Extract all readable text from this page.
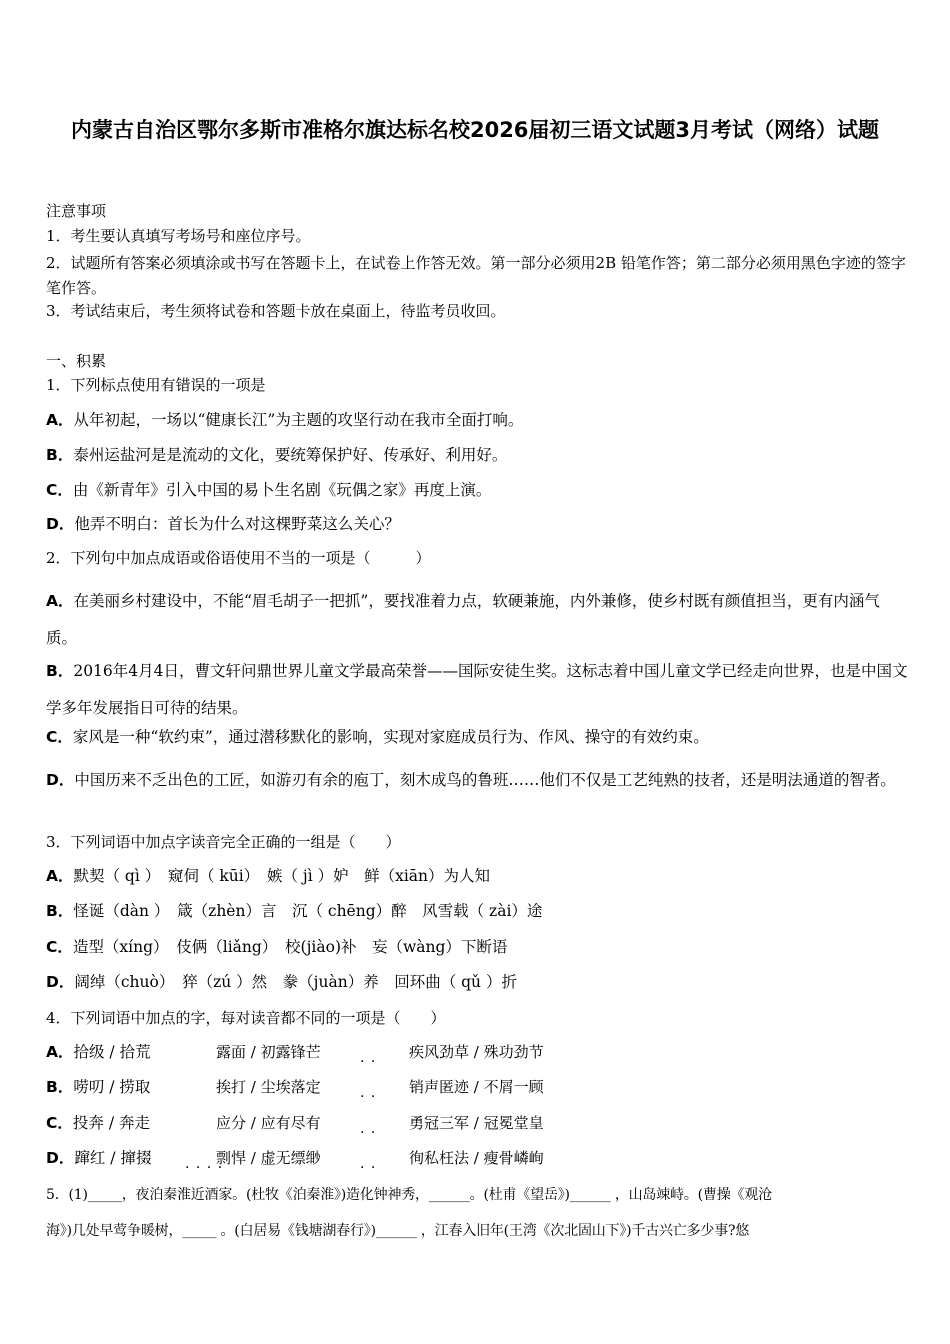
内蒙古自治区鄂尔多斯市准格尔旗达标名校2026届初三语文试题3月考试（网络）试题
注意事项
1．考生要认真填写考场号和座位序号。
2．试题所有答案必须填涂或书写在答题卡上，在试卷上作答无效。第一部分必须用2B 铅笔作答；第二部分必须用黑色字迹的签字笔作答。
3．考试结束后，考生须将试卷和答题卡放在桌面上，待监考员收回。
一、积累
1．下列标点使用有错误的一项是
A．从年初起，一场以“健康长江”为主题的攻坚行动在我市全面打响。
B．泰州运盐河是是流动的文化，要统筹保护好、传承好、利用好。
C．由《新青年》引入中国的易卜生名剧《玩偶之家》再度上演。
D．他弄不明白：首长为什么对这棵野菜这么关心？
2．下列句中加点成语或俗语使用不当的一项是（　　　）
A．在美丽乡村建设中，不能“眉毛胡子一把抓”，要找准着力点，软硬兼施，内外兼修，使乡村既有颜值担当，更有内涵气质。
B．2016年4月4日，曹文轩问鼎世界儿童文学最高荣誉——国际安徒生奖。这标志着中国儿童文学已经走向世界，也是中国文学多年发展指日可待的结果。
C．家风是一种“软约束”，通过潜移默化的影响，实现对家庭成员行为、作风、操守的有效约束。
D．中国历来不乏出色的工匠，如游刃有余的庖丁，刻木成鸟的鲁班……他们不仅是工艺纯熟的技者，还是明法通道的智者。
3．下列词语中加点字读音完全正确的一组是（　　）
A．默契（ qì ）　窥伺（ kūi）　嫉（ jì ）妒　鲜（xiān）为人知
B．怪诞（dàn ）　箴（zhèn）言　沉（ chēng）醉　风雪载（ zài）途
C．造型（xíng）　伎俩（liǎng）　校(jiào)补　妄（wàng）下断语
D．阔绰（chuò）　猝（zú ）然　豢（juàn）养　回环曲（ qǔ ）折
4．下列词语中加点的字，每对读音都不同的一项是（　　）
A．拾级 / 拾荒	露面 / 初露锋芒	疾风劲草 / 殊功劲节
. .
B．唠叨 / 捞取	挨打 / 尘埃落定	销声匿迹 / 不屑一顾
. .
C．投奔 / 奔走	应分 / 应有尽有	勇冠三军 / 冠冕堂皇
. .
D．蹿红 / 撺掇	剽悍 / 虚无缥缈	徇私枉法 / 瘦骨嶙峋
. . . .	. .
5．(1)_____，夜泊秦淮近酒家。(杜牧《泊秦淮》)造化钟神秀，______。(杜甫《望岳》)______ ，山岛竦峙。(曹操《观沧
海》)几处早莺争暖树，_____ 。(白居易《钱塘湖春行》)______ ，江春入旧年(王湾《次北固山下》)千古兴亡多少事?悠
